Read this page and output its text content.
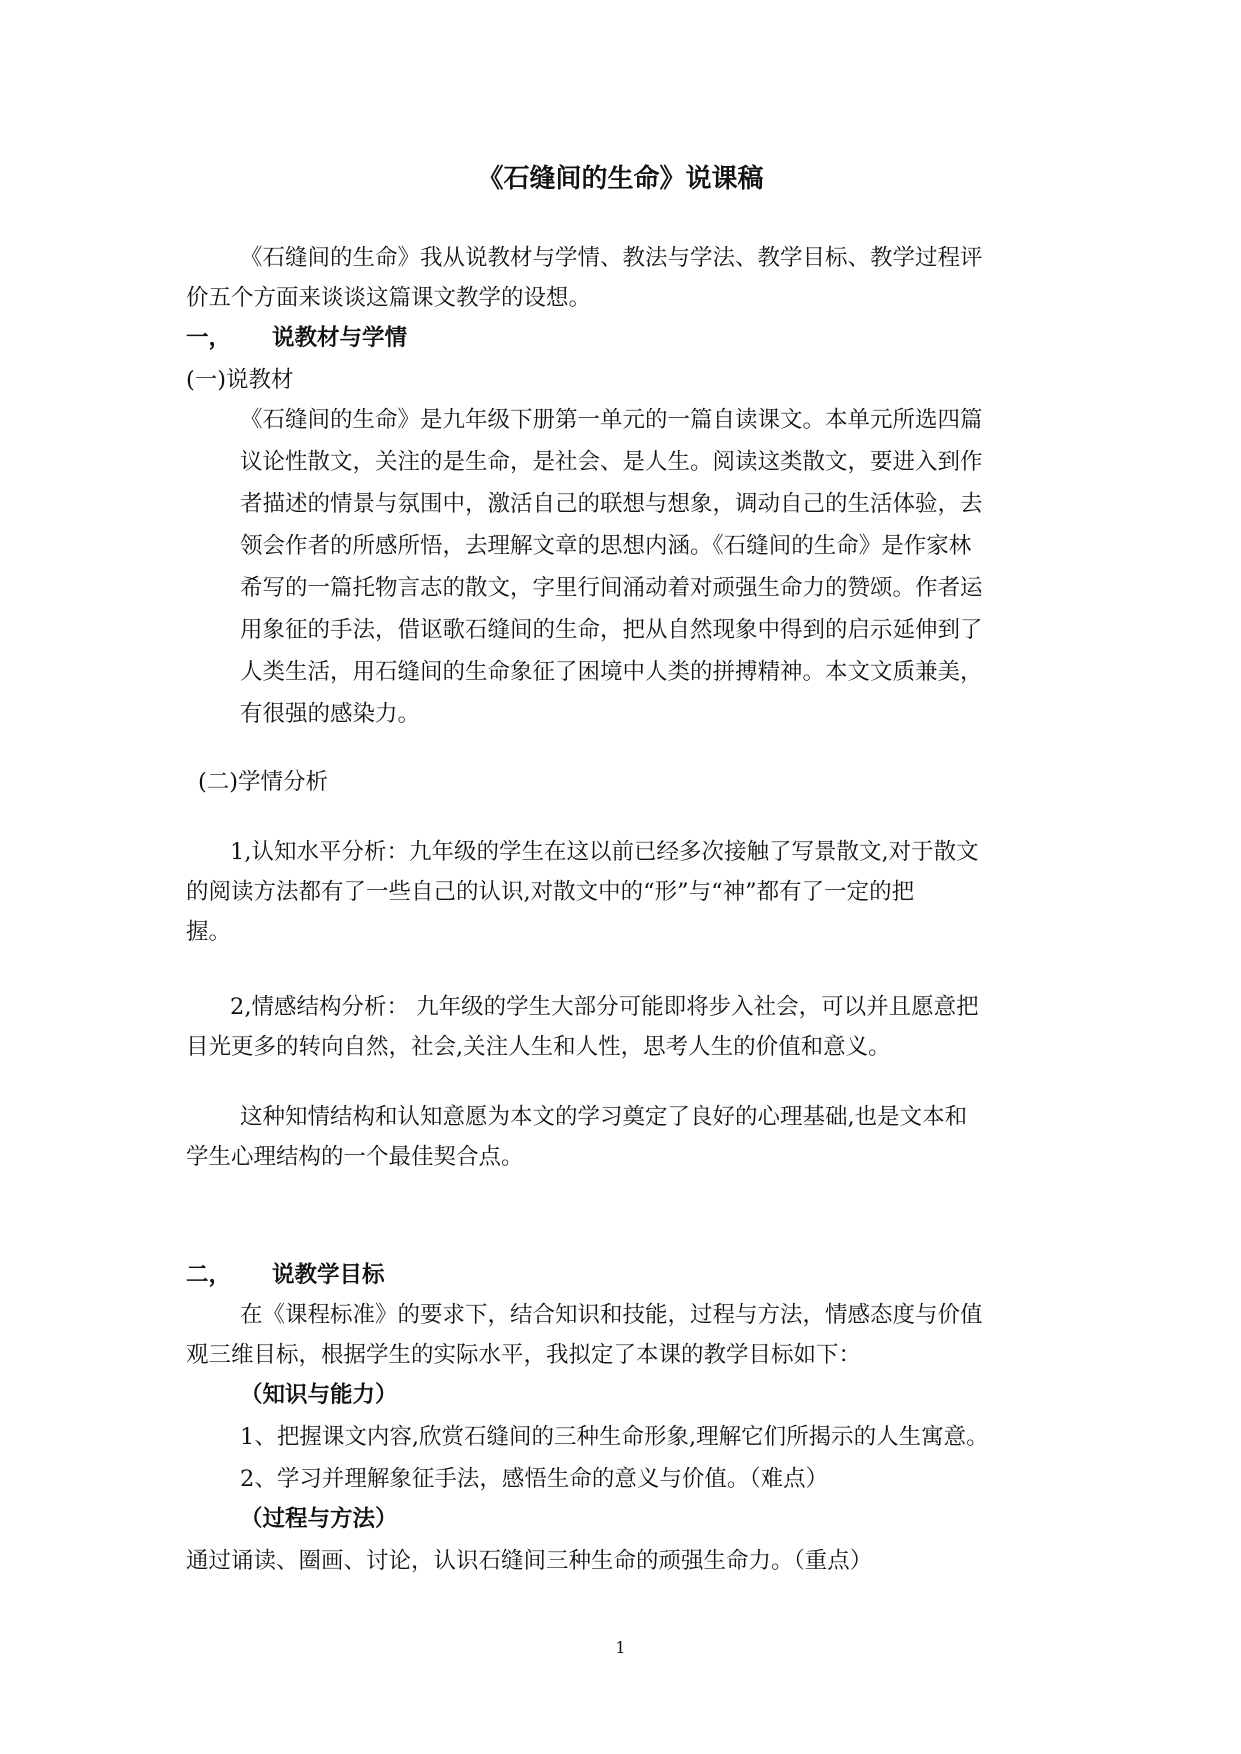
《石缝间的生命》说课稿
《石缝间的生命》我从说教材与学情、教法与学法、教学目标、教学过程评
价五个方面来谈谈这篇课文教学的设想。
一， 说教材与学情
(一)说教材
《石缝间的生命》是九年级下册第一单元的一篇自读课文。本单元所选四篇
议论性散文，关注的是生命，是社会、是人生。阅读这类散文，要进入到作
者描述的情景与氛围中，激活自己的联想与想象，调动自己的生活体验，去
领会作者的所感所悟，去理解文章的思想内涵。《石缝间的生命》是作家林
希写的一篇托物言志的散文，字里行间涌动着对顽强生命力的赞颂。作者运
用象征的手法，借讴歌石缝间的生命，把从自然现象中得到的启示延伸到了
人类生活，用石缝间的生命象征了困境中人类的拼搏精神。本文文质兼美，
有很强的感染力。
(二)学情分析
1,认知水平分析：九年级的学生在这以前已经多次接触了写景散文,对于散文
的阅读方法都有了一些自己的认识,对散文中的“形”与“神”都有了一定的把
握。
2,情感结构分析： 九年级的学生大部分可能即将步入社会，可以并且愿意把
目光更多的转向自然，社会,关注人生和人性，思考人生的价值和意义。
这种知情结构和认知意愿为本文的学习奠定了良好的心理基础,也是文本和
学生心理结构的一个最佳契合点。
二， 说教学目标
在《课程标准》的要求下，结合知识和技能，过程与方法，情感态度与价值
观三维目标，根据学生的实际水平，我拟定了本课的教学目标如下：
（知识与能力）
1、把握课文内容,欣赏石缝间的三种生命形象,理解它们所揭示的人生寓意。
2、学习并理解象征手法，感悟生命的意义与价值。（难点）
（过程与方法）
通过诵读、圈画、讨论，认识石缝间三种生命的顽强生命力。（重点）
1
